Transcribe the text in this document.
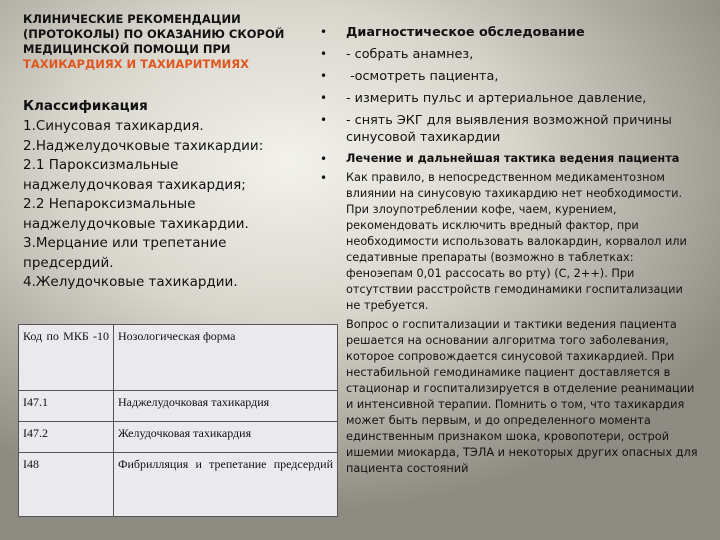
КЛИНИЧЕСКИЕ РЕКОМЕНДАЦИИ (ПРОТОКОЛЫ) ПО ОКАЗАНИЮ СКОРОЙ МЕДИЦИНСКОЙ ПОМОЩИ ПРИ ТАХИКАРДИЯХ И ТАХИАРИТМИЯХ
Классификация
1.Синусовая тахикардия.
2.Наджелудочковые тахикардии:
2.1 Пароксизмальные наджелудочковая тахикардия;
2.2 Непароксизмальные наджелудочковые тахикардии.
3.Мерцание или трепетание предсердий.
4.Желудочковые тахикардии.
Код по МКБ -10	Нозологическая форма
I47.1	Наджелудочковая тахикардия
I47.2	Желудочковая тахикардия
I48	Фибрилляция и трепетание предсердий
•	Диагностическое обследование
•	- собрать анамнез,
•	-осмотреть пациента,
•	- измерить пульс и артериальное давление,
•	- снять ЭКГ для выявления возможной причины синусовой тахикардии
•	Лечение и дальнейшая тактика ведения пациента
•	Как правило, в непосредственном медикаментозном влиянии на синусовую тахикардию нет необходимости. При злоупотреблении кофе, чаем, курением, рекомендовать исключить вредный фактор, при необходимости использовать валокардин, корвалол или седативные препараты (возможно в таблетках: феноэепам 0,01 рассосать во рту) (С, 2++). При отсутствии расстройств гемодинамики госпитализации не требуется.
Вопрос о госпитализации и тактики ведения пациента решается на основании алгоритма того заболевания, которое сопровождается синусовой тахикардией. При нестабильной гемодинамике пациент доставляется в стационар и госпитализируется в отделение реанимации и интенсивной терапии. Помнить о том, что тахикардия может быть первым, и до определенного момента единственным признаком шока, кровопотери, острой ишемии миокарда, ТЭЛА и некоторых других опасных для пациента состояний
